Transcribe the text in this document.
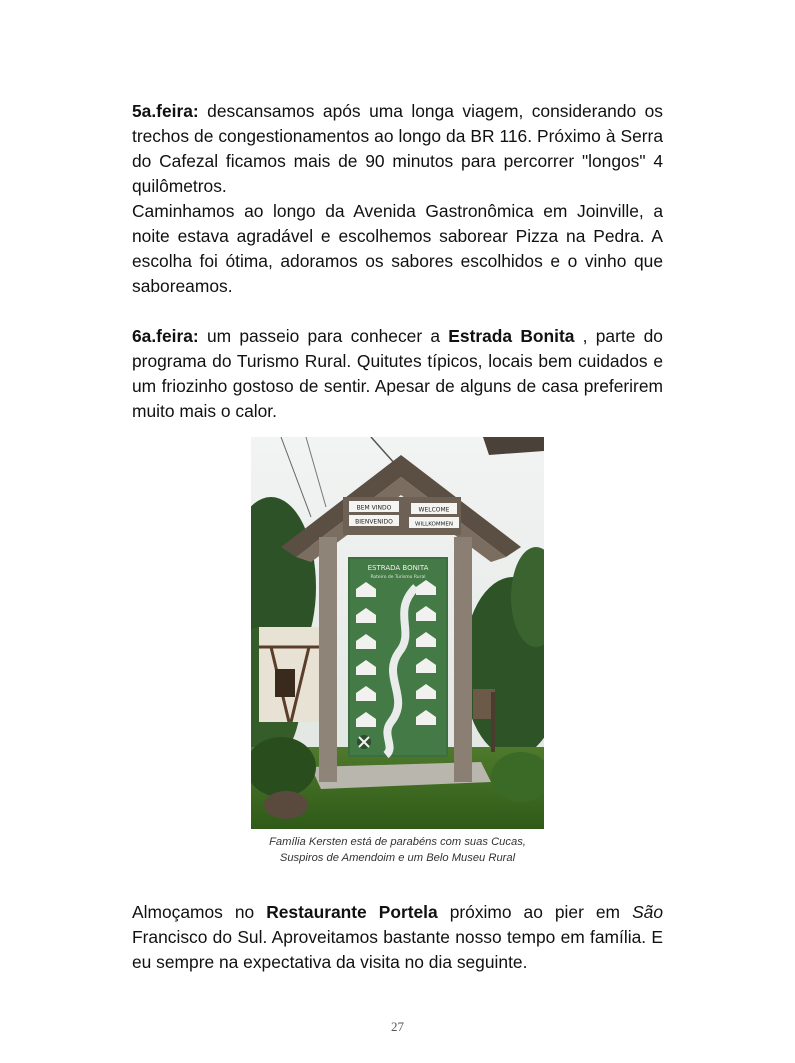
5a.feira: descansamos após uma longa viagem, considerando os trechos de congestionamentos ao longo da BR 116. Próximo à Serra do Cafezal ficamos mais de 90 minutos para percorrer "longos" 4 quilômetros.

Caminhamos ao longo da Avenida Gastronômica em Joinville, a noite estava agradável e escolhemos saborear Pizza na Pedra. A escolha foi ótima, adoramos os sabores escolhidos e o vinho que saboreamos.

6a.feira: um passeio para conhecer a Estrada Bonita , parte do programa do Turismo Rural. Quitutes típicos, locais bem cuidados e um friozinho gostoso de sentir. Apesar de alguns de casa preferirem muito mais o calor.

BEM VINDO	WELCOME
BIENVENIDO	WILLKOMMEN
ESTRADA BONITA
Roteiro de Turismo Rural
Família Kersten está de parabéns com suas Cucas,
Suspiros de Amendoim e um Belo Museu Rural

Almoçamos no Restaurante Portela próximo ao pier em São Francisco do Sul. Aproveitamos bastante nosso tempo em família. E eu sempre na expectativa da visita no dia seguinte.

27
